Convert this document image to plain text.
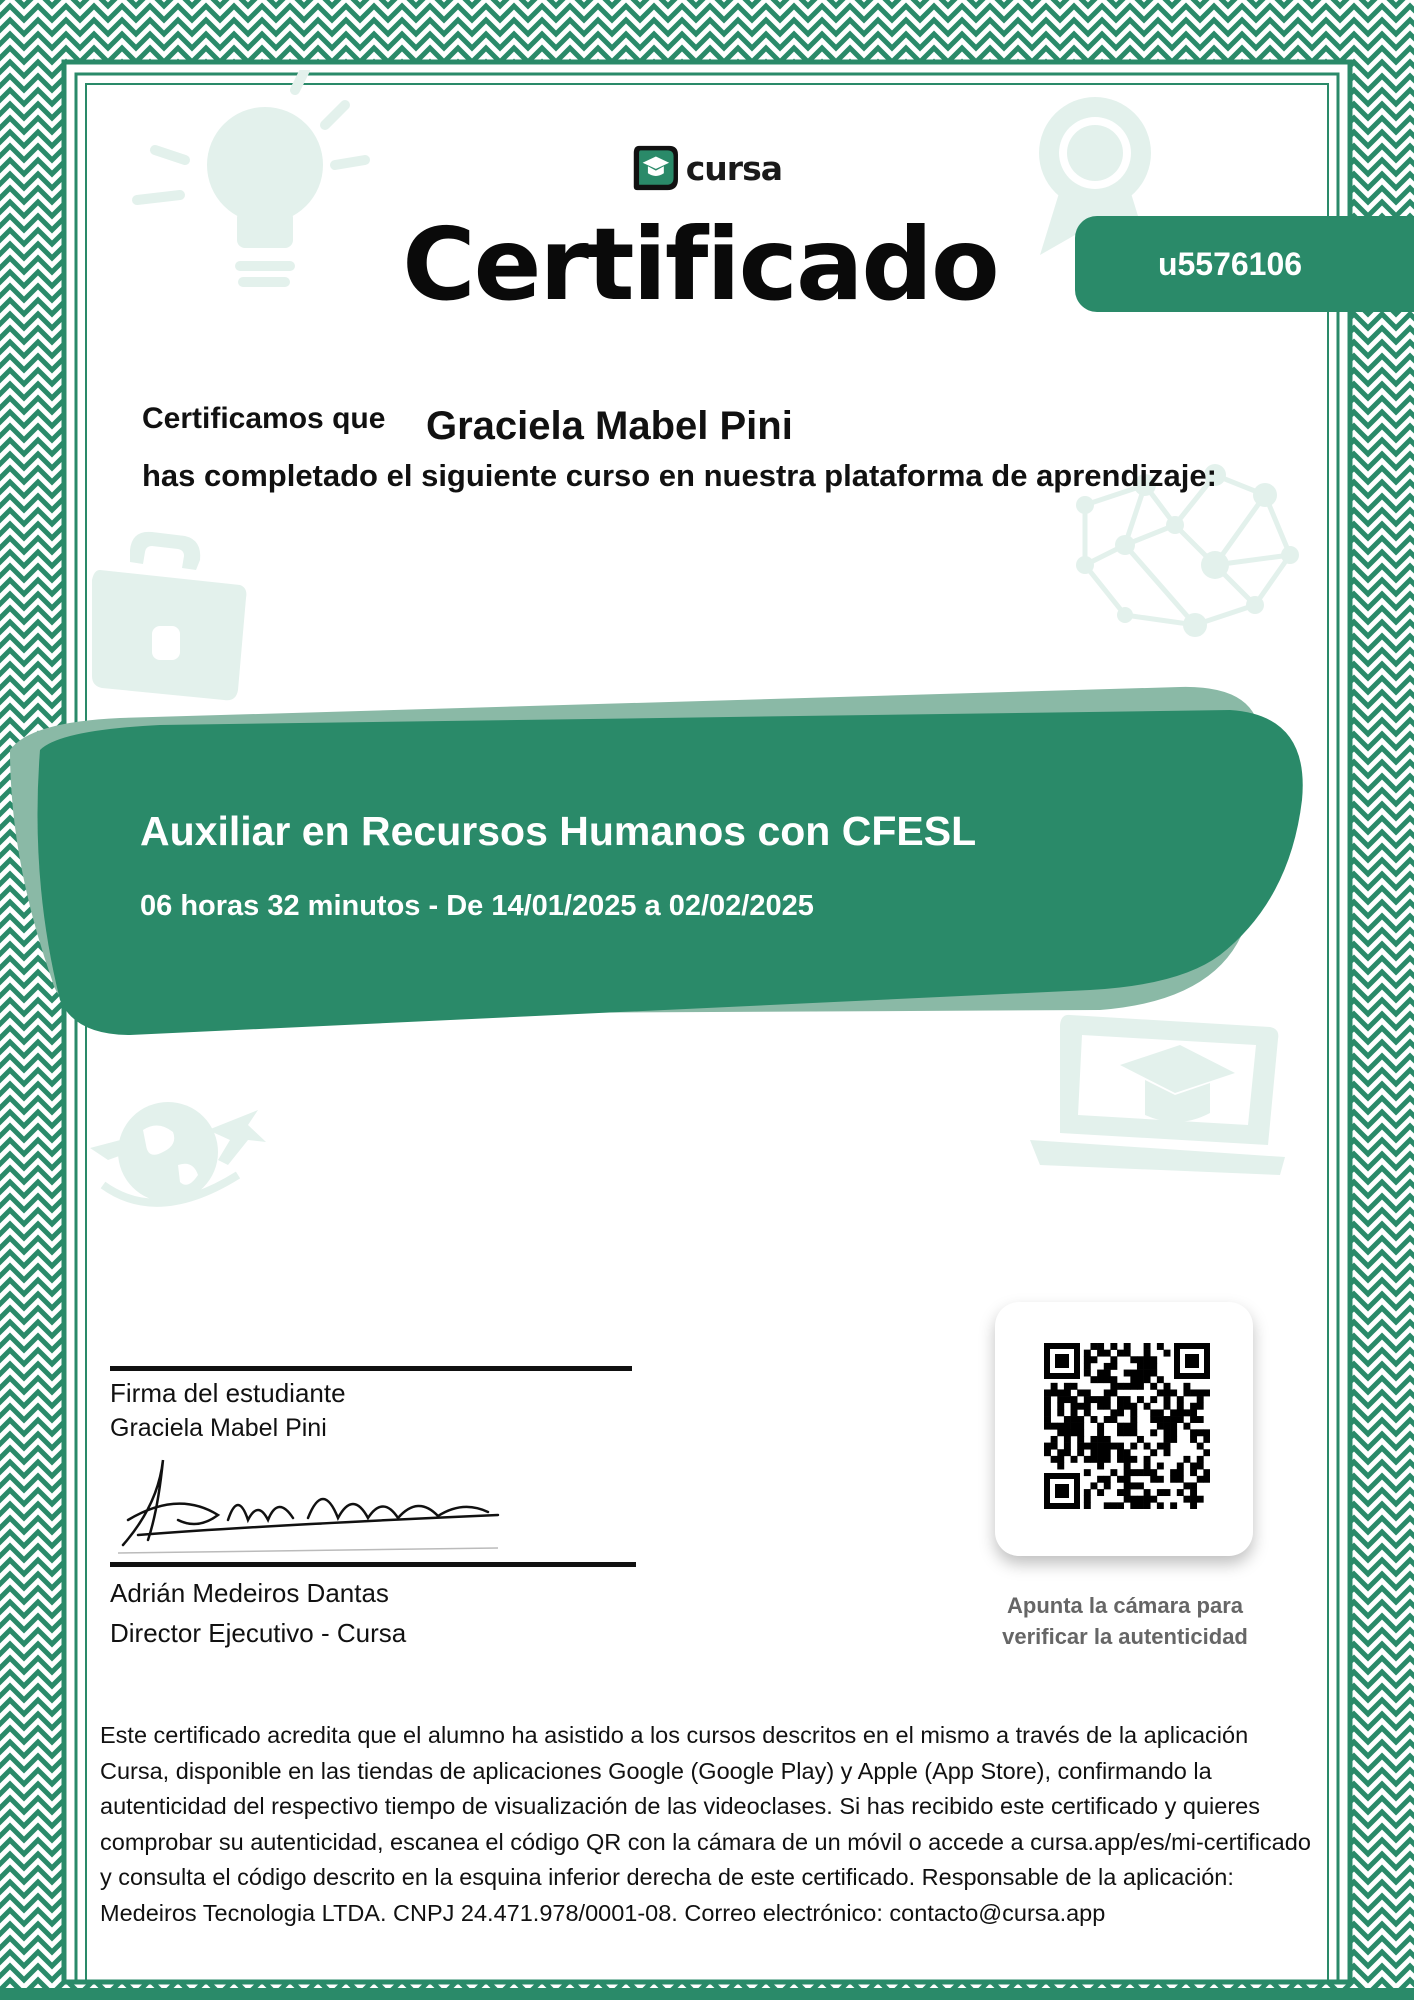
cursa
Certificado	u5576106
Certificamos que Graciela Mabel Pini
has completado el siguiente curso en nuestra plataforma de aprendizaje:
Auxiliar en Recursos Humanos con CFESL
06 horas 32 minutos - De 14/01/2025 a 02/02/2025
Firma del estudiante
Graciela Mabel Pini
Adrian Medeiros
Adrián Medeiros Dantas
Director Ejecutivo - Cursa
Apunta la cámara para
verificar la autenticidad
Este certificado acredita que el alumno ha asistido a los cursos descritos en el mismo a través de la aplicación Cursa, disponible en las tiendas de aplicaciones Google (Google Play) y Apple (App Store), confirmando la autenticidad del respectivo tiempo de visualización de las videoclases. Si has recibido este certificado y quieres comprobar su autenticidad, escanea el código QR con la cámara de un móvil o accede a cursa.app/es/mi-certificado y consulta el código descrito en la esquina inferior derecha de este certificado. Responsable de la aplicación: Medeiros Tecnologia LTDA. CNPJ 24.471.978/0001-08. Correo electrónico: contacto@cursa.app
